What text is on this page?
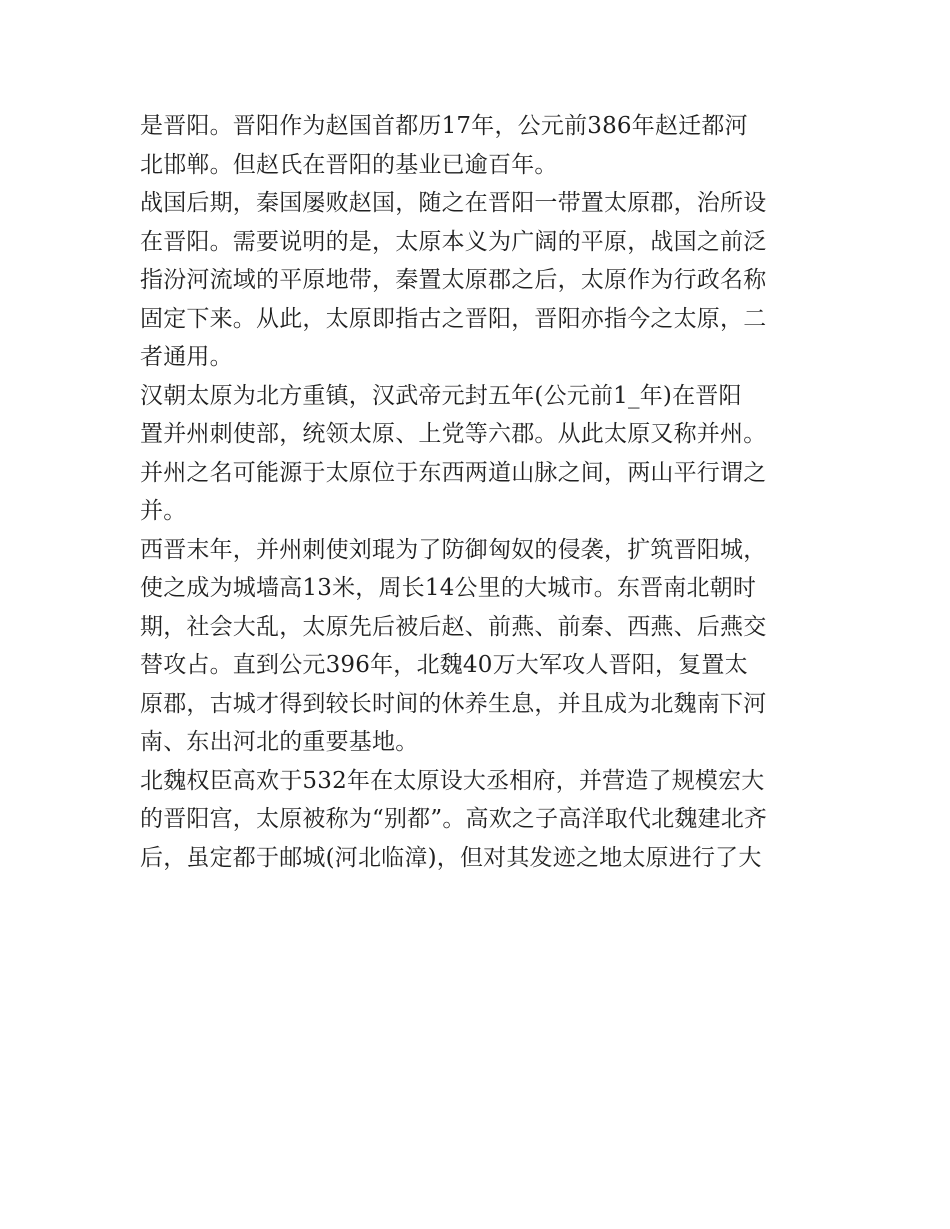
是晋阳。晋阳作为赵国首都历17年，公元前386年赵迁都河
北邯郸。但赵氏在晋阳的基业已逾百年。
战国后期，秦国屡败赵国，随之在晋阳一带置太原郡，治所设
在晋阳。需要说明的是，太原本义为广阔的平原，战国之前泛
指汾河流域的平原地带，秦置太原郡之后，太原作为行政名称
固定下来。从此，太原即指古之晋阳，晋阳亦指今之太原，二
者通用。
汉朝太原为北方重镇，汉武帝元封五年(公元前1_年)在晋阳
置并州刺使部，统领太原、上党等六郡。从此太原又称并州。
并州之名可能源于太原位于东西两道山脉之间，两山平行谓之
并。
西晋末年，并州刺使刘琨为了防御匈奴的侵袭，扩筑晋阳城，
使之成为城墙高13米，周长14公里的大城市。东晋南北朝时
期，社会大乱，太原先后被后赵、前燕、前秦、西燕、后燕交
替攻占。直到公元396年，北魏40万大军攻人晋阳，复置太
原郡，古城才得到较长时间的休养生息，并且成为北魏南下河
南、东出河北的重要基地。
北魏权臣高欢于532年在太原设大丞相府，并营造了规模宏大
的晋阳宫，太原被称为“别都”。高欢之子高洋取代北魏建北齐
后，虽定都于邮城(河北临漳)，但对其发迹之地太原进行了大
